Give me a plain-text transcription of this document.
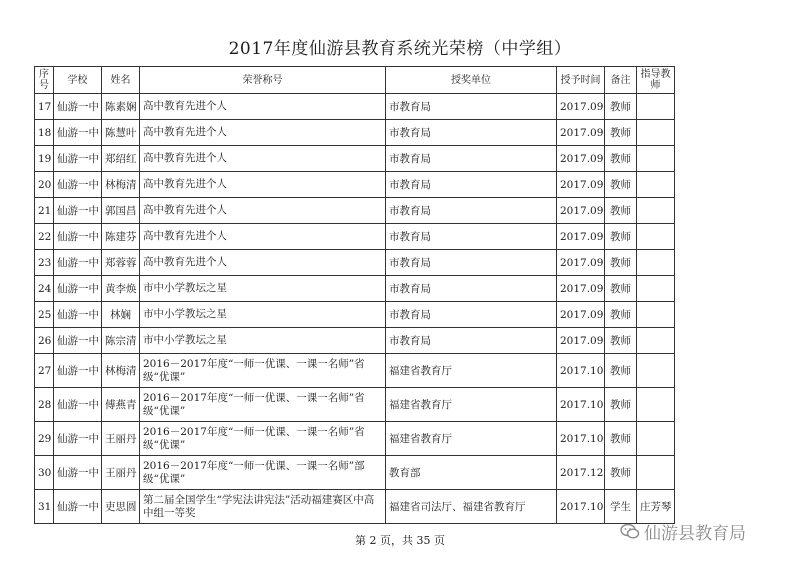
2017年度仙游县教育系统光荣榜（中学组）
序号	学校	姓名	荣誉称号	授奖单位	授予时间	备注	指导教师
17	仙游一中	陈素娴	高中教育先进个人	市教育局	2017.09	教师	
18	仙游一中	陈慧叶	高中教育先进个人	市教育局	2017.09	教师	
19	仙游一中	郑绍红	高中教育先进个人	市教育局	2017.09	教师	
20	仙游一中	林梅清	高中教育先进个人	市教育局	2017.09	教师	
21	仙游一中	郭国昌	高中教育先进个人	市教育局	2017.09	教师	
22	仙游一中	陈建芬	高中教育先进个人	市教育局	2017.09	教师	
23	仙游一中	郑蓉蓉	高中教育先进个人	市教育局	2017.09	教师	
24	仙游一中	黄李焕	市中小学教坛之星	市教育局	2017.09	教师	
25	仙游一中	林娴	市中小学教坛之星	市教育局	2017.09	教师	
26	仙游一中	陈宗清	市中小学教坛之星	市教育局	2017.09	教师	
27	仙游一中	林梅清	2016－2017年度“一师一优课、一课一名师”省级“优课”	福建省教育厅	2017.10	教师	
28	仙游一中	傅燕青	2016－2017年度“一师一优课、一课一名师”省级“优课”	福建省教育厅	2017.10	教师	
29	仙游一中	王丽丹	2016－2017年度“一师一优课、一课一名师”省级“优课”	福建省教育厅	2017.10	教师	
30	仙游一中	王丽丹	2016－2017年度“一师一优课、一课一名师”部级“优课”	教育部	2017.12	教师	
31	仙游一中	吏思圆	第二届全国学生“学宪法讲宪法”活动福建赛区中高中组一等奖	福建省司法厅、福建省教育厅	2017.10	学生	庄芳琴
仙游县教育局
第 2 页，共 35 页
